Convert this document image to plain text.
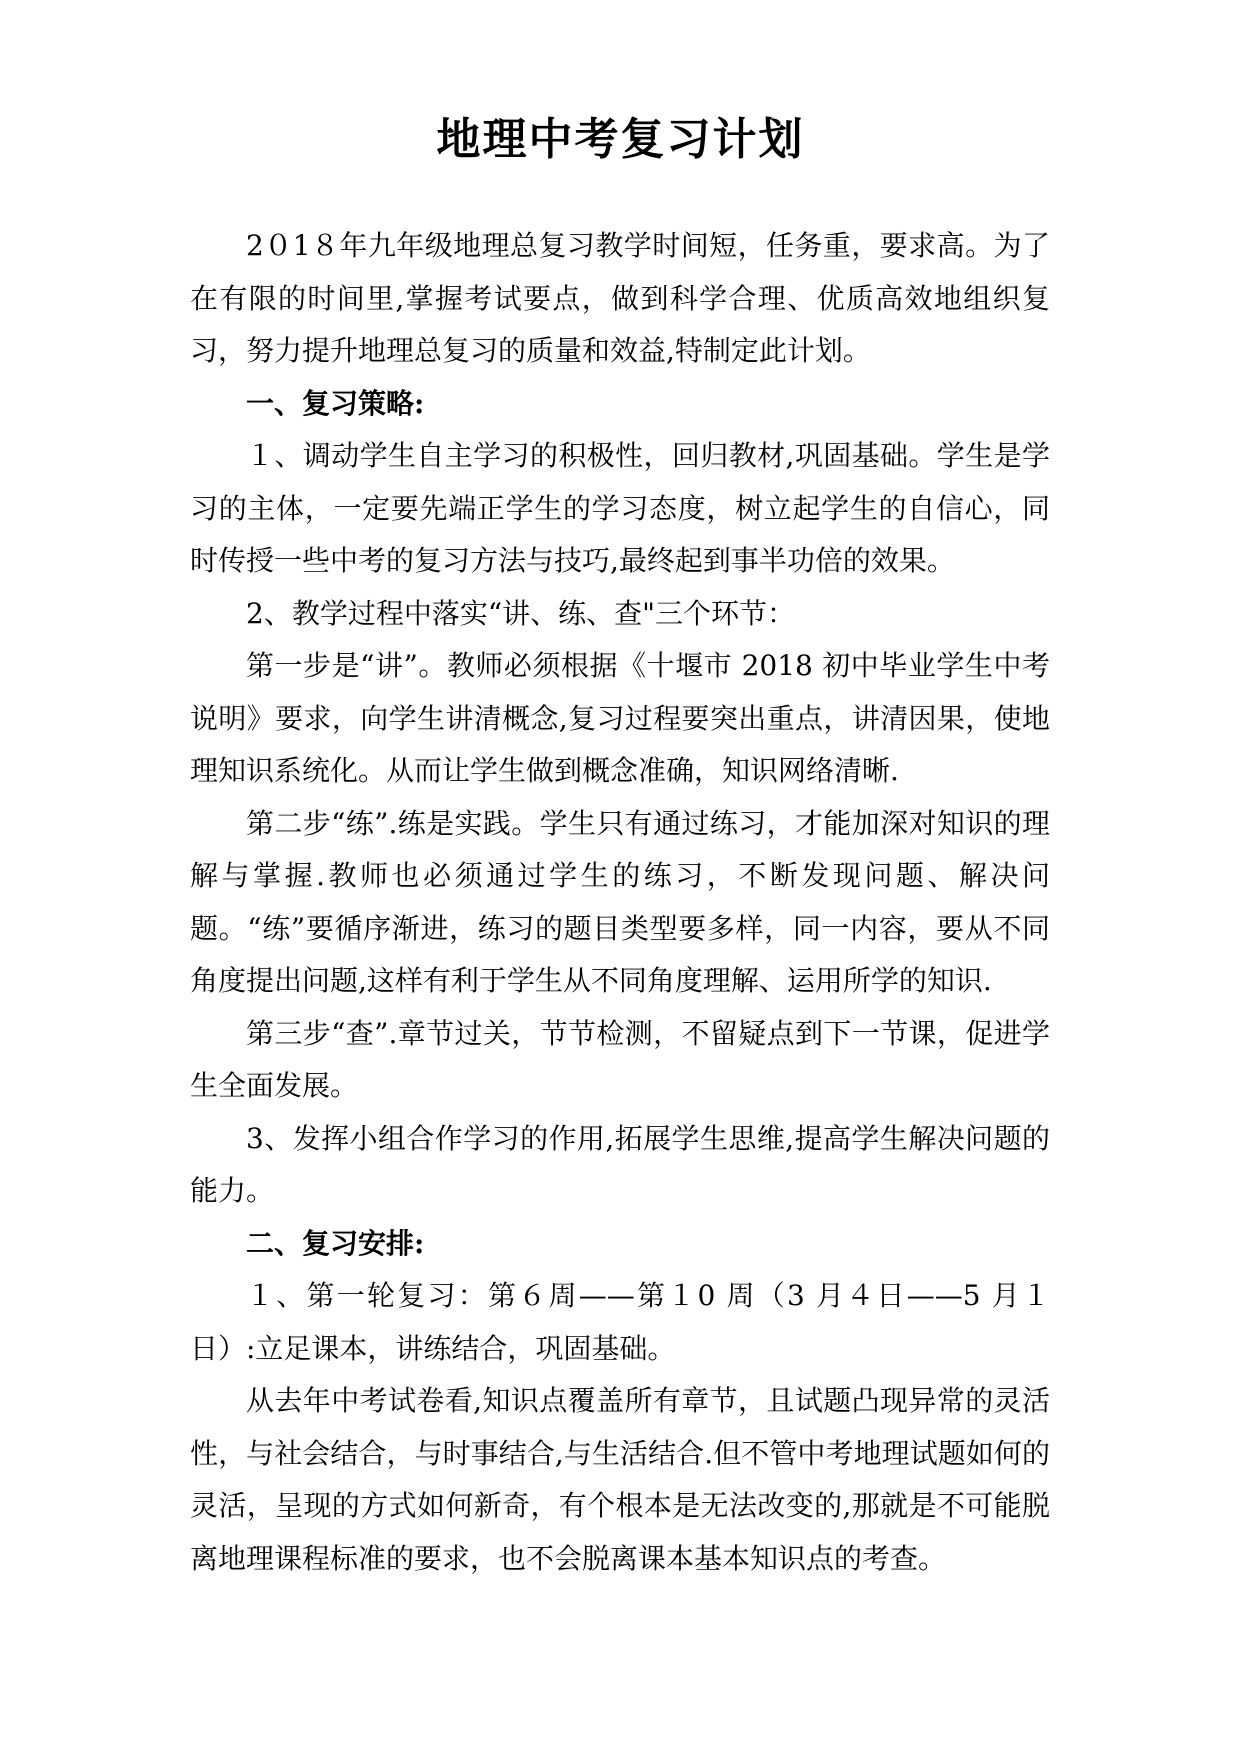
地理中考复习计划

2０1８年九年级地理总复习教学时间短，任务重，要求高。为了在有限的时间里,掌握考试要点，做到科学合理、优质高效地组织复习，努力提升地理总复习的质量和效益,特制定此计划。

一、复习策略:

１、调动学生自主学习的积极性，回归教材,巩固基础。学生是学习的主体，一定要先端正学生的学习态度，树立起学生的自信心，同时传授一些中考的复习方法与技巧,最终起到事半功倍的效果。

2、教学过程中落实“讲、练、查"三个环节：

第一步是“讲”。教师必须根据《十堰市 2018 初中毕业学生中考说明》要求，向学生讲清概念,复习过程要突出重点，讲清因果，使地理知识系统化。从而让学生做到概念准确，知识网络清晰.

第二步“练”.练是实践。学生只有通过练习，才能加深对知识的理解与掌握.教师也必须通过学生的练习，不断发现问题、解决问题。“练”要循序渐进，练习的题目类型要多样，同一内容，要从不同角度提出问题,这样有利于学生从不同角度理解、运用所学的知识.

第三步“查”.章节过关，节节检测，不留疑点到下一节课，促进学生全面发展。

3、发挥小组合作学习的作用,拓展学生思维,提高学生解决问题的能力。

二、复习安排:

１、第一轮复习：第６周——第１0 周（3 月４日——5 月１日）:立足课本，讲练结合，巩固基础。

从去年中考试卷看,知识点覆盖所有章节，且试题凸现异常的灵活性，与社会结合，与时事结合,与生活结合.但不管中考地理试题如何的灵活，呈现的方式如何新奇，有个根本是无法改变的,那就是不可能脱离地理课程标准的要求，也不会脱离课本基本知识点的考查。
